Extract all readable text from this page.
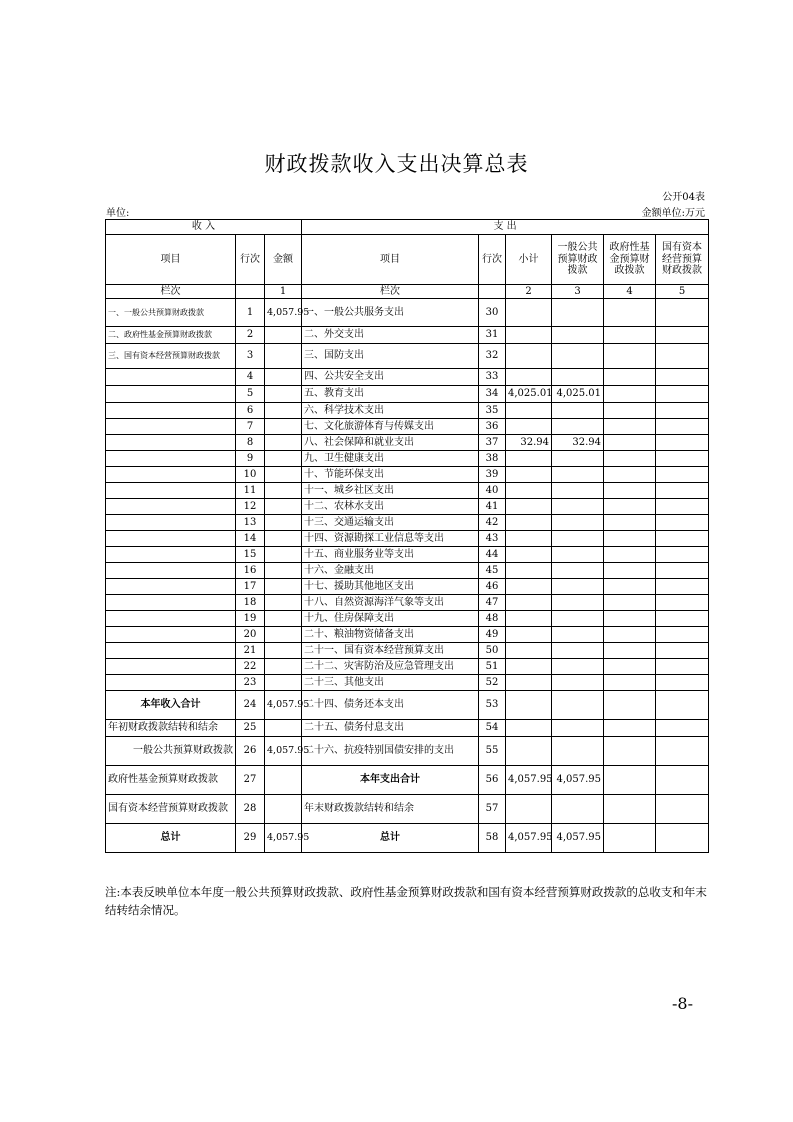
财政拨款收入支出决算总表
公开04表
单位:	金额单位:万元
收 入			支 出					
项目	行次	金额	项目	行次	小计	一般公共预算财政拨款	政府性基金预算财政拨款	国有资本经营预算财政拨款
栏次		1	栏次		2	3	4	5
一、一般公共预算财政拨款	1	4,057.95	一、一般公共服务支出	30				
二、政府性基金预算财政拨款	2		二、外交支出	31				
三、国有资本经营预算财政拨款	3		三、国防支出	32				
	4		四、公共安全支出	33				
	5		五、教育支出	34	4,025.01	4,025.01		
	6		六、科学技术支出	35				
	7		七、文化旅游体育与传媒支出	36				
	8		八、社会保障和就业支出	37	32.94	32.94		
	9		九、卫生健康支出	38				
	10		十、节能环保支出	39				
	11		十一、城乡社区支出	40				
	12		十二、农林水支出	41				
	13		十三、交通运输支出	42				
	14		十四、资源勘探工业信息等支出	43				
	15		十五、商业服务业等支出	44				
	16		十六、金融支出	45				
	17		十七、援助其他地区支出	46				
	18		十八、自然资源海洋气象等支出	47				
	19		十九、住房保障支出	48				
	20		二十、粮油物资储备支出	49				
	21		二十一、国有资本经营预算支出	50				
	22		二十二、灾害防治及应急管理支出	51				
	23		二十三、其他支出	52				
本年收入合计	24	4,057.95	二十四、债务还本支出	53				
年初财政拨款结转和结余	25		二十五、债务付息支出	54				
一般公共预算财政拨款	26	4,057.95	二十六、抗疫特别国债安排的支出	55				
政府性基金预算财政拨款	27		本年支出合计	56	4,057.95	4,057.95		
国有资本经营预算财政拨款	28		年末财政拨款结转和结余	57				
总计	29	4,057.95	总计	58	4,057.95	4,057.95		
注:本表反映单位本年度一般公共预算财政拨款、政府性基金预算财政拨款和国有资本经营预算财政拨款的总收支和年末结转结余情况。
-8-
